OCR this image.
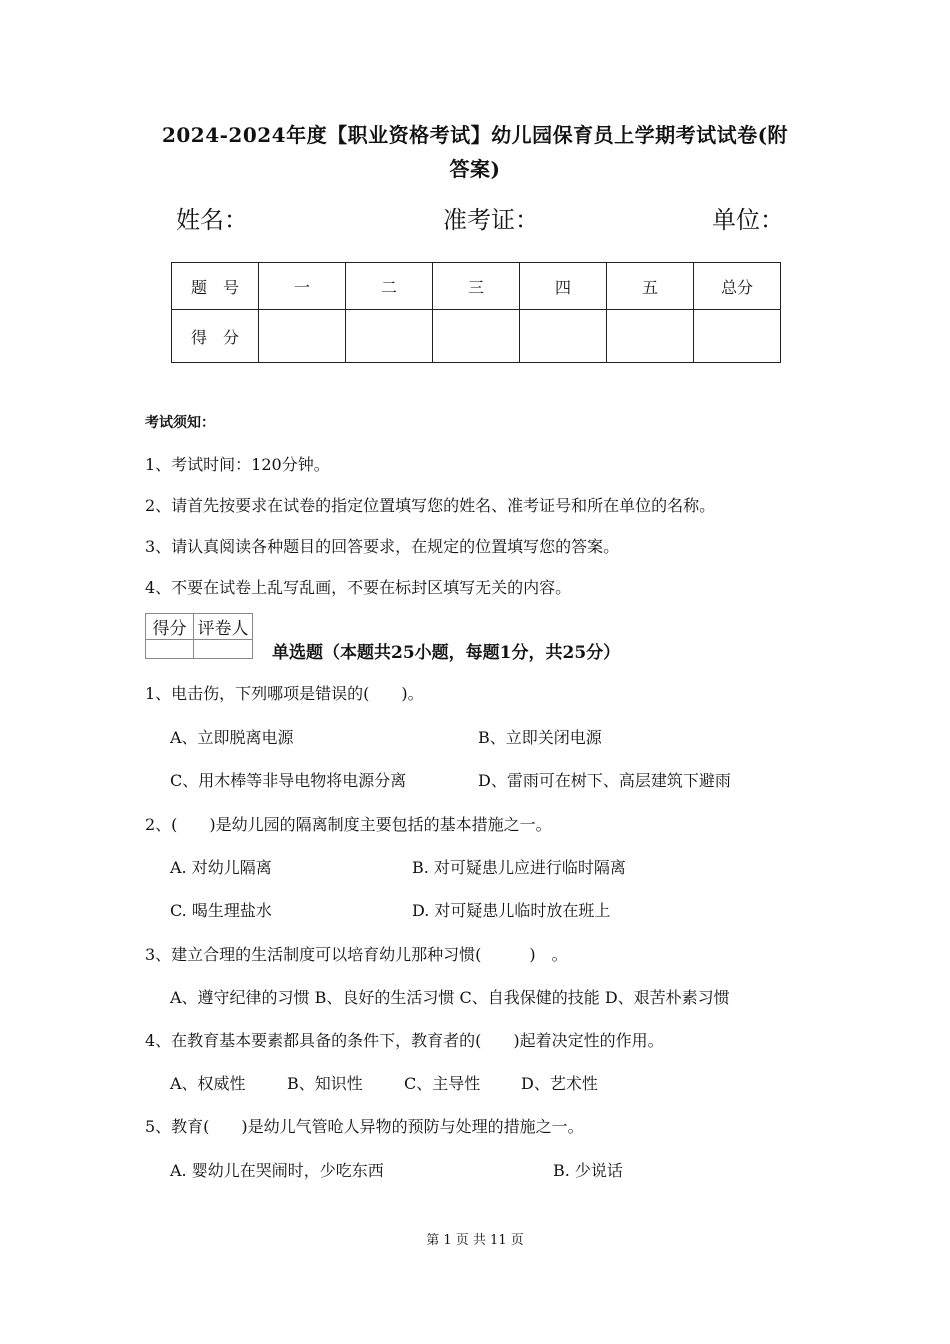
2024-2024年度【职业资格考试】幼儿园保育员上学期考试试卷(附
答案)
姓名：	准考证：	单位：
题　号	一	二	三	四	五	总分
得　分						
考试须知：
1、考试时间：120分钟。
2、请首先按要求在试卷的指定位置填写您的姓名、准考证号和所在单位的名称。
3、请认真阅读各种题目的回答要求，在规定的位置填写您的答案。
4、不要在试卷上乱写乱画，不要在标封区填写无关的内容。
得分	评卷人

单选题（本题共25小题，每题1分，共25分）
1、电击伤，下列哪项是错误的(　　)。
A、立即脱离电源	B、立即关闭电源
C、用木棒等非导电物将电源分离	D、雷雨可在树下、高层建筑下避雨
2、(　　)是幼儿园的隔离制度主要包括的基本措施之一。
A. 对幼儿隔离	B. 对可疑患儿应进行临时隔离
C. 喝生理盐水	D. 对可疑患儿临时放在班上
3、建立合理的生活制度可以培育幼儿那种习惯(　　　)　。
A、遵守纪律的习惯 B、良好的生活习惯 C、自我保健的技能 D、艰苦朴素习惯
4、在教育基本要素都具备的条件下，教育者的(　　)起着决定性的作用。
A、权威性	B、知识性	C、主导性	D、艺术性
5、教育(　　)是幼儿气管呛人异物的预防与处理的措施之一。
A. 婴幼儿在哭闹时，少吃东西	B. 少说话
第 1 页 共 11 页
